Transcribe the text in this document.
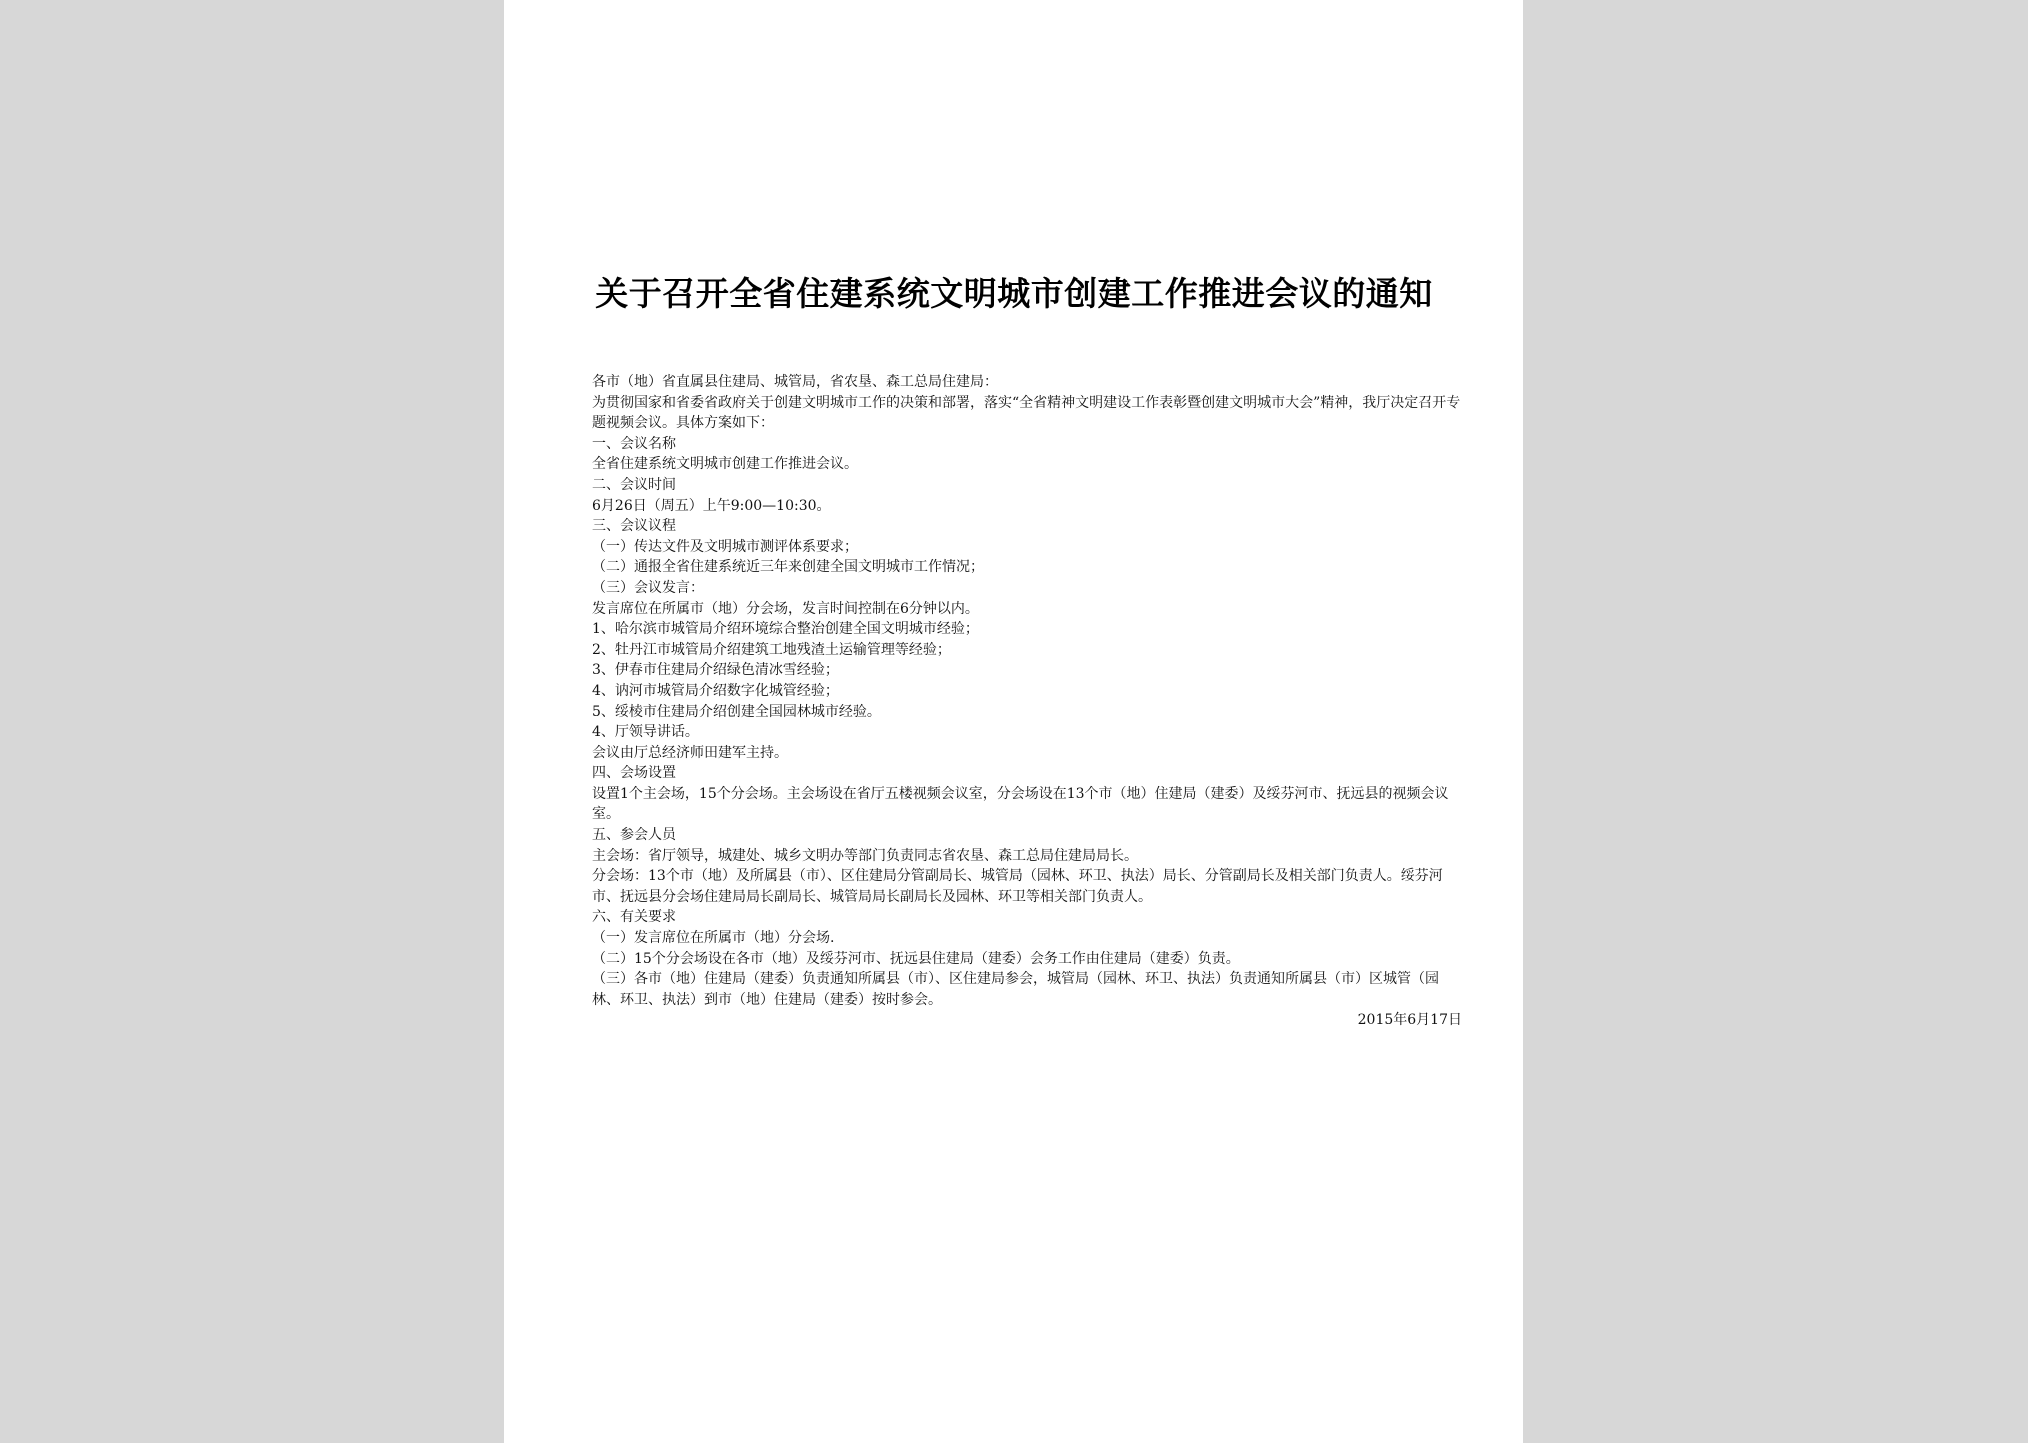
关于召开全省住建系统文明城市创建工作推进会议的通知

各市（地）省直属县住建局、城管局，省农垦、森工总局住建局：

为贯彻国家和省委省政府关于创建文明城市工作的决策和部署，落实“全省精神文明建设工作表彰暨创建文明城市大会”精神，我厅决定召开专题视频会议。具体方案如下：

一、会议名称

全省住建系统文明城市创建工作推进会议。

二、会议时间

6月26日（周五）上午9:00—10:30。

三、会议议程

（一）传达文件及文明城市测评体系要求；

（二）通报全省住建系统近三年来创建全国文明城市工作情况；

（三）会议发言：

发言席位在所属市（地）分会场，发言时间控制在6分钟以内。

1、哈尔滨市城管局介绍环境综合整治创建全国文明城市经验；

2、牡丹江市城管局介绍建筑工地残渣土运输管理等经验；

3、伊春市住建局介绍绿色清冰雪经验；

4、讷河市城管局介绍数字化城管经验；

5、绥棱市住建局介绍创建全国园林城市经验。

4、厅领导讲话。

会议由厅总经济师田建军主持。

四、会场设置

设置1个主会场，15个分会场。主会场设在省厅五楼视频会议室，分会场设在13个市（地）住建局（建委）及绥芬河市、抚远县的视频会议室。

五、参会人员

主会场：省厅领导，城建处、城乡文明办等部门负责同志省农垦、森工总局住建局局长。

分会场：13个市（地）及所属县（市）、区住建局分管副局长、城管局（园林、环卫、执法）局长、分管副局长及相关部门负责人。绥芬河市、抚远县分会场住建局局长副局长、城管局局长副局长及园林、环卫等相关部门负责人。

六、有关要求

（一）发言席位在所属市（地）分会场.

（二）15个分会场设在各市（地）及绥芬河市、抚远县住建局（建委）会务工作由住建局（建委）负责。

（三）各市（地）住建局（建委）负责通知所属县（市）、区住建局参会，城管局（园林、环卫、执法）负责通知所属县（市）区城管（园林、环卫、执法）到市（地）住建局（建委）按时参会。

2015年6月17日
